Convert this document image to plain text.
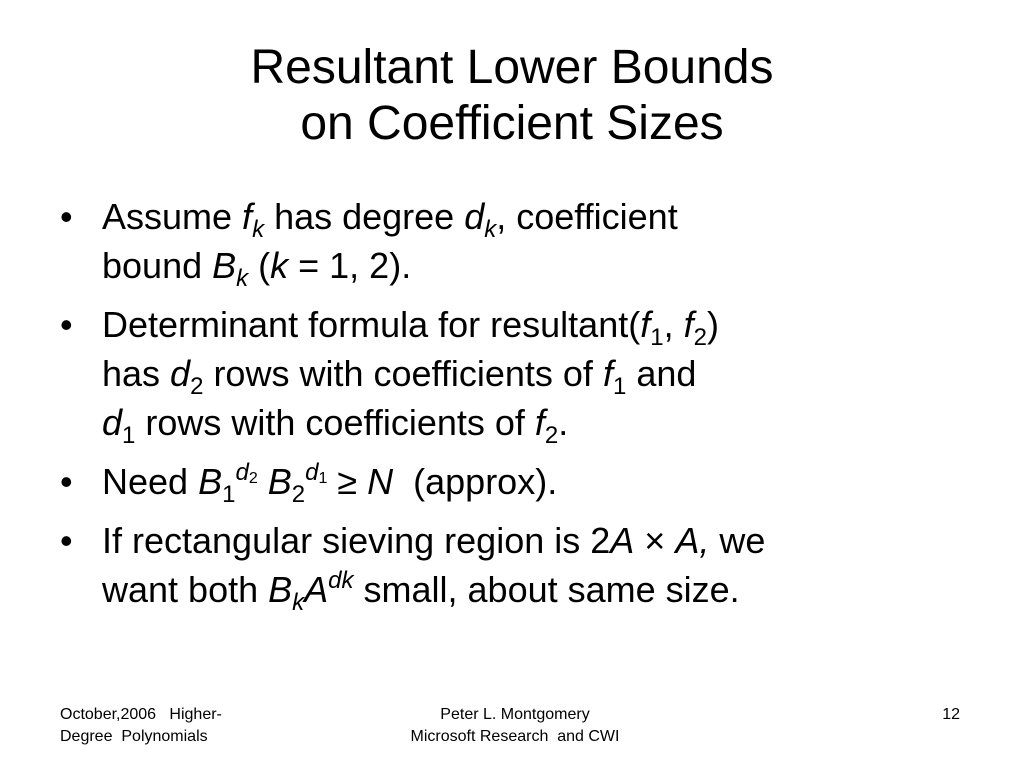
Resultant Lower Bounds
on Coefficient Sizes
• Assume $f_k$ has degree $d_k$, coefficient
bound $B_k$ (k = 1, 2).
• Determinant formula for $resultant(f_1$, $f_2$)
has $d_2$ rows with coefficients of $f_1$ and
$d_1$ rows with coefficients of $f_2$.
• Need $B_1^{d2}$ $B_2^{d1} \ge N$  (approx).
• If rectangular sieving region is 2A × A, we
want both $B_kA^{dk}$ small, about same size.
October,2006   Higher-
Degree  Polynomials
Peter L. Montgomery
Microsoft Research  and CWI
12
